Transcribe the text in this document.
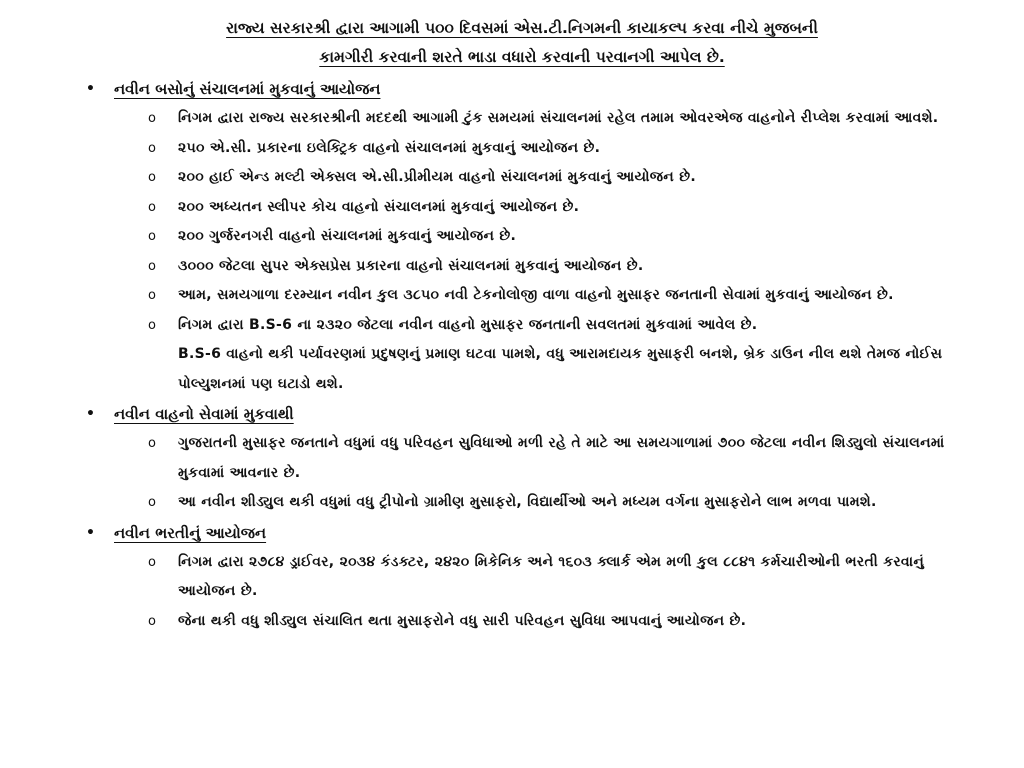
રાજ્ય સરકારશ્રી દ્વારા આગામી ૫૦૦ દિવસમાં એસ.ટી.નિગમની કાયાકલ્પ કરવા નીચે મુજબની
કામગીરી કરવાની શરતે ભાડા વધારો કરવાની પરવાનગી આપેલ છે.
• નવીન બસોનું સંચાલનમાં મુકવાનું આયોજન
o નિગમ દ્વારા રાજ્ય સરકારશ્રીની મદદથી આગામી ટુંક સમયમાં સંચાલનમાં રહેલ તમામ ઓવરએજ વાહનોને રીપ્લેશ કરવામાં આવશે.

o ૨૫૦ એ.સી. પ્રકારના ઇલેક્ટ્રિક વાહનો સંચાલનમાં મુકવાનું આયોજન છે.

o ૨૦૦ હાઈ એન્ડ મલ્ટી એક્સલ એ.સી.પ્રીમીયમ વાહનો સંચાલનમાં મુકવાનું આયોજન છે.

o ૨૦૦ અધ્યતન સ્લીપર કોચ વાહનો સંચાલનમાં મુકવાનું આયોજન છે.

o ૨૦૦ ગુર્જરનગરી વાહનો સંચાલનમાં મુકવાનું આયોજન છે.

o ૩૦૦૦ જેટલા સુપર એક્સપ્રેસ પ્રકારના વાહનો સંચાલનમાં મુકવાનું આયોજન છે.

o આમ, સમયગાળા દરમ્યાન નવીન કુલ ૩૮૫૦ નવી ટેકનોલોજી વાળા વાહનો મુસાફર જનતાની સેવામાં મુકવાનું આયોજન છે.

o નિગમ દ્વારા B.S-6 ના ૨૩૨૦ જેટલા નવીન વાહનો મુસાફર જનતાની સવલતમાં મુકવામાં આવેલ છે.

B.S-6 વાહનો થકી પર્યાવરણમાં પ્રદુષણનું પ્રમાણ ઘટવા પામશે, વધુ આરામદાયક મુસાફરી બનશે, બ્રેક ડાઉન નીલ થશે તેમજ નોઈસ પોલ્યુશનમાં પણ ઘટાડો થશે.

• નવીન વાહનો સેવામાં મુકવાથી
o ગુજરાતની મુસાફર જનતાને વધુમાં વધુ પરિવહન સુવિધાઓ મળી રહે તે માટે આ સમયગાળામાં ૭૦૦ જેટલા નવીન શિડ્યુલો સંચાલનમાં મુકવામાં આવનાર છે.

o આ નવીન શીડ્યુલ થકી વધુમાં વધુ ટ્રીપોનો ગ્રામીણ મુસાફરો, વિદ્યાર્થીઓ અને મધ્યમ વર્ગના મુસાફરોને લાભ મળવા પામશે.

• નવીન ભરતીનું આયોજન
o નિગમ દ્વારા ૨૭૮૪ ડ્રાઈવર, ૨૦૩૪ કંડક્ટર, ૨૪૨૦ મિકેનિક અને ૧૬૦૩ ક્લાર્ક એમ મળી કુલ ૮૮૪૧ કર્મચારીઓની ભરતી કરવાનું આયોજન છે.

o જેના થકી વધુ શીડ્યુલ સંચાલિત થતા મુસાફરોને વધુ સારી પરિવહન સુવિધા આપવાનું આયોજન છે.
